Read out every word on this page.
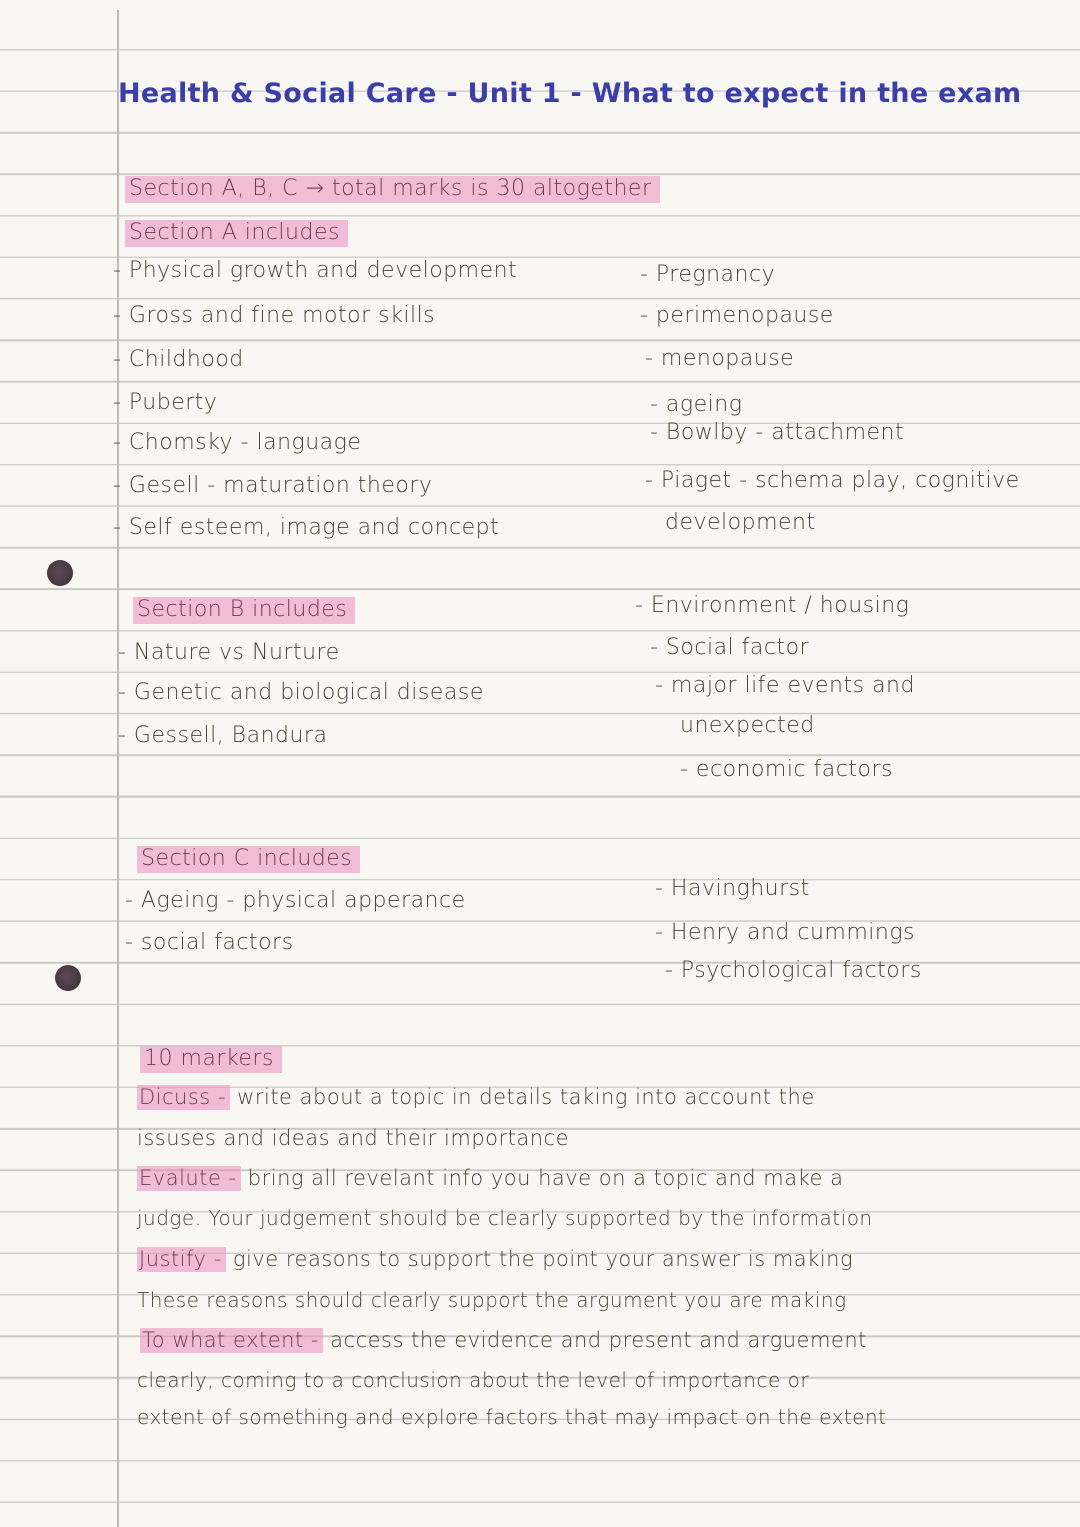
Health & Social Care - Unit 1 - What to expect in the exam
Section A, B, C → total marks is 30 altogether
Section A includes
- Physical growth and development
- Gross and fine motor skills
- Childhood
- Puberty
- Chomsky - language
- Gesell - maturation theory
- Self esteem, image and concept
- Pregnancy
- perimenopause
- menopause
- ageing
- Bowlby - attachment
- Piaget - schema play, cognitive
development
Section B includes
- Nature vs Nurture
- Genetic and biological disease
- Gessell, Bandura
- Environment / housing
- Social factor
- major life events and
unexpected
- economic factors
Section C includes
- Ageing - physical apperance
- social factors
- Havinghurst
- Henry and cummings
- Psychological factors
10 markers
Dicuss - write about a topic in details taking into account the
issuses and ideas and their importance
Evalute - bring all revelant info you have on a topic and make a
judge. Your judgement should be clearly supported by the information
Justify - give reasons to support the point your answer is making
These reasons should clearly support the argument you are making
To what extent - access the evidence and present and arguement
clearly, coming to a conclusion about the level of importance or
extent of something and explore factors that may impact on the extent
